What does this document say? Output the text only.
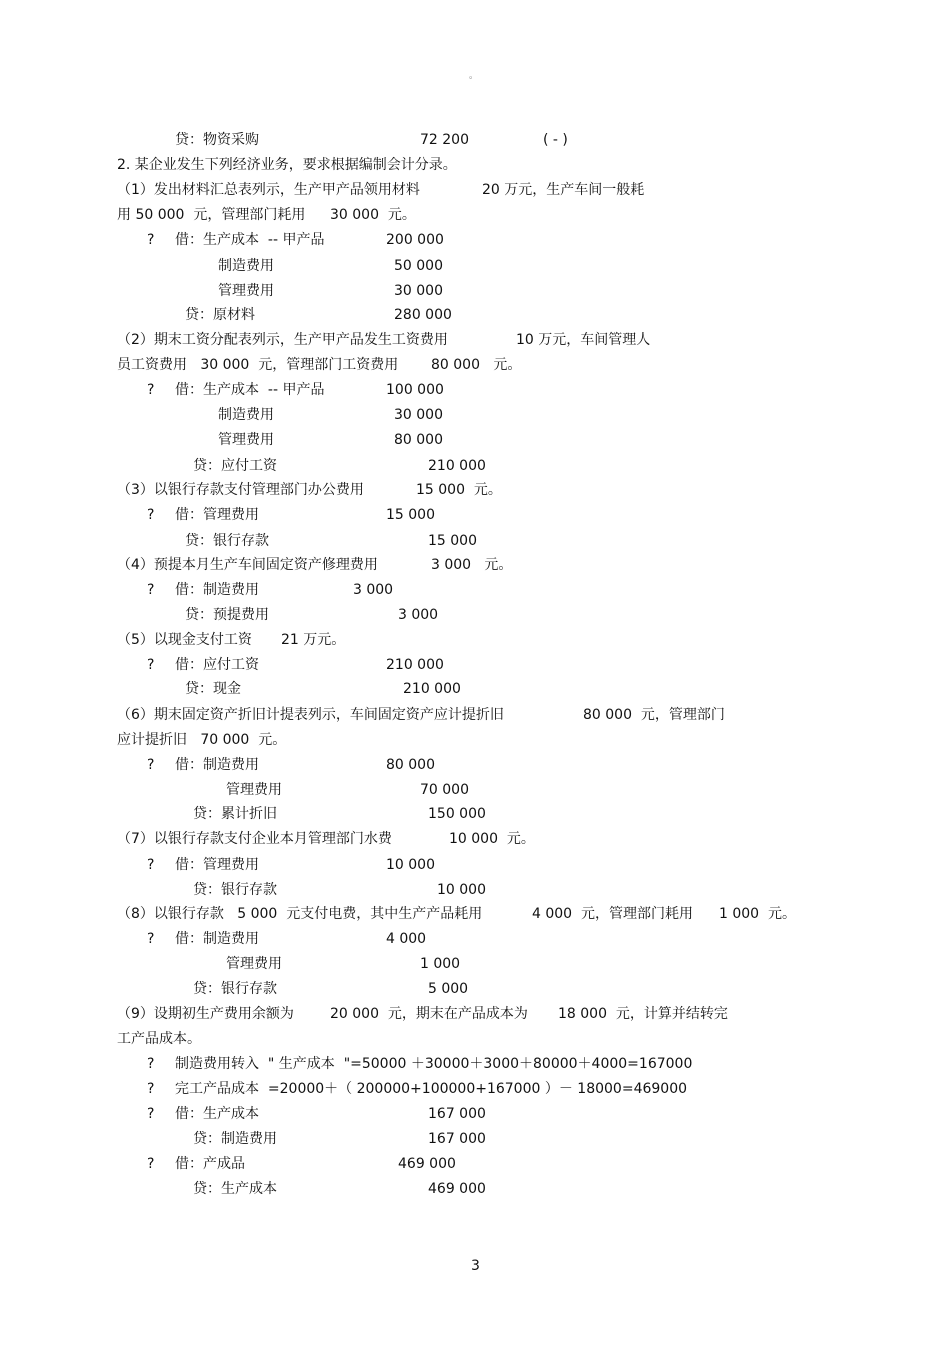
。
贷：物资采购	72 200	( - )
2. 某企业发生下列经济业务，要求根据编制会计分录。
（1）发出材料汇总表列示，生产甲产品领用材料	20 万元，生产车间一般耗
用 50 000  元，管理部门耗用 30 000  元。
? 借：生产成本  -- 甲产品	200 000
制造费用	50 000
管理费用	30 000
贷：原材料	280 000
（2）期末工资分配表列示，生产甲产品发生工资费用	10 万元，车间管理人
员工资费用   30 000  元，管理部门工资费用 80 000   元。
? 借：生产成本  -- 甲产品	100 000
制造费用	30 000
管理费用	80 000
贷：应付工资	210 000
（3）以银行存款支付管理部门办公费用	15 000  元。
? 借：管理费用	15 000
贷：银行存款	15 000
（4）预提本月生产车间固定资产修理费用	3 000   元。
? 借：制造费用	3 000
贷：预提费用	3 000
（5）以现金支付工资 21 万元。
? 借：应付工资	210 000
贷：现金	210 000
（6）期末固定资产折旧计提表列示，车间固定资产应计提折旧	80 000  元，管理部门
应计提折旧   70 000  元。
? 借：制造费用	80 000
管理费用	70 000
贷：累计折旧	150 000
（7）以银行存款支付企业本月管理部门水费	10 000  元。
? 借：管理费用	10 000
贷：银行存款	10 000
（8）以银行存款   5 000  元支付电费，其中生产产品耗用	4 000  元，管理部门耗用 1 000  元。
? 借：制造费用	4 000
管理费用	1 000
贷：银行存款	5 000
（9）设期初生产费用余额为	20 000  元，期末在产品成本为 18 000  元，计算并结转完
工产品成本。
? 制造费用转入  " 生产成本  "=50000 ＋30000＋3000＋80000＋4000=167000
? 完工产品成本  =20000＋（ 200000+100000+167000 ）－ 18000=469000
? 借：生产成本	167 000
贷：制造费用	167 000
? 借：产成品	469 000
贷：生产成本	469 000
3
